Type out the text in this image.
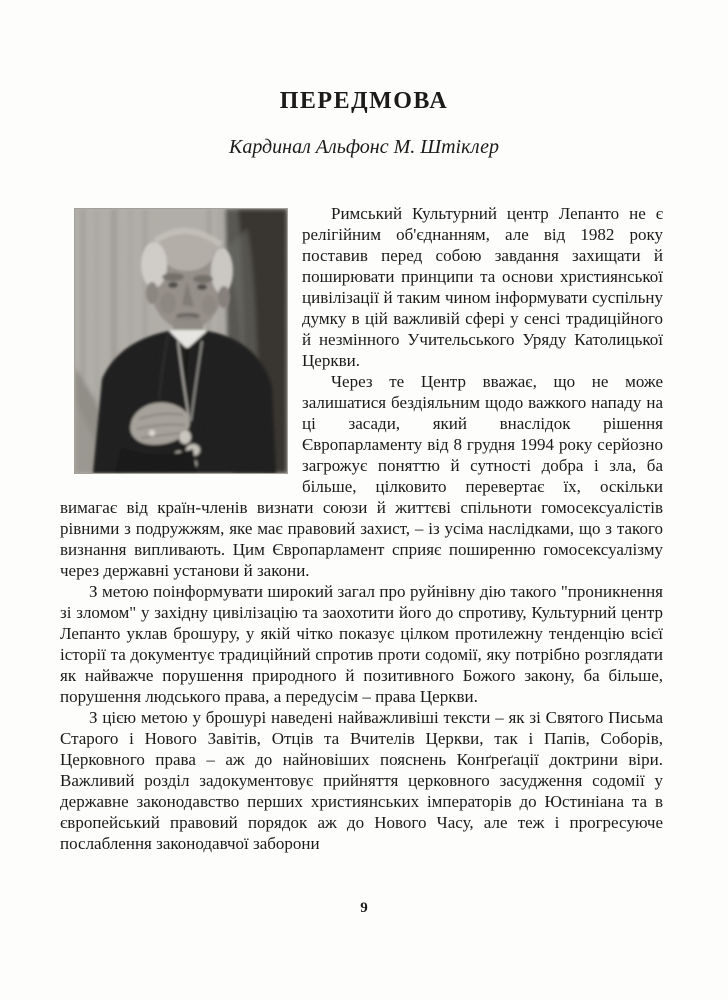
ПЕРЕДМОВА
Кардинал Альфонс М. Штіклер

Римський Культурний центр Лепанто не є релігійним об'єднанням, але від 1982 року поставив перед собою завдання захищати й поширювати принципи та основи християнської цивілізації й таким чином інформувати суспільну думку в цій важливій сфері у сенсі традиційного й незмінного Учительського Уряду Католицької Церкви.

Через те Центр вважає, що не може залишатися бездіяльним щодо важкого нападу на ці засади, який внаслідок рішення Європарламенту від 8 грудня 1994 року серйозно загрожує поняттю й сутності добра і зла, ба більше, цілковито перевертає їх, оскільки вимагає від країн-членів визнати союзи й життєві спільноти гомосексуалістів рівними з подружжям, яке має правовий захист, – із усіма наслідками, що з такого визнання випливають. Цим Європарламент сприяє поширенню гомосексуалізму через державні установи й закони.

З метою поінформувати широкий загал про руйнівну дію такого "проникнення зі зломом" у західну цивілізацію та заохотити його до спротиву, Культурний центр Лепанто уклав брошуру, у якій чітко показує цілком протилежну тенденцію всієї історії та документує традиційний спротив проти содомії, яку потрібно розглядати як найважче порушення природного й позитивного Божого закону, ба більше, порушення людського права, а передусім – права Церкви.

З цією метою у брошурі наведені найважливіші тексти – як зі Святого Письма Старого і Нового Завітів, Отців та Вчителів Церкви, так і Папів, Соборів, Церковного права – аж до найновіших пояснень Конґреґації доктрини віри. Важливий розділ задокументовує прийняття церковного засудження содомії у державне законодавство перших християнських імператорів до Юстиніана та в європейський правовий порядок аж до Нового Часу, але теж і прогресуюче послаблення законодавчої заборони

9
